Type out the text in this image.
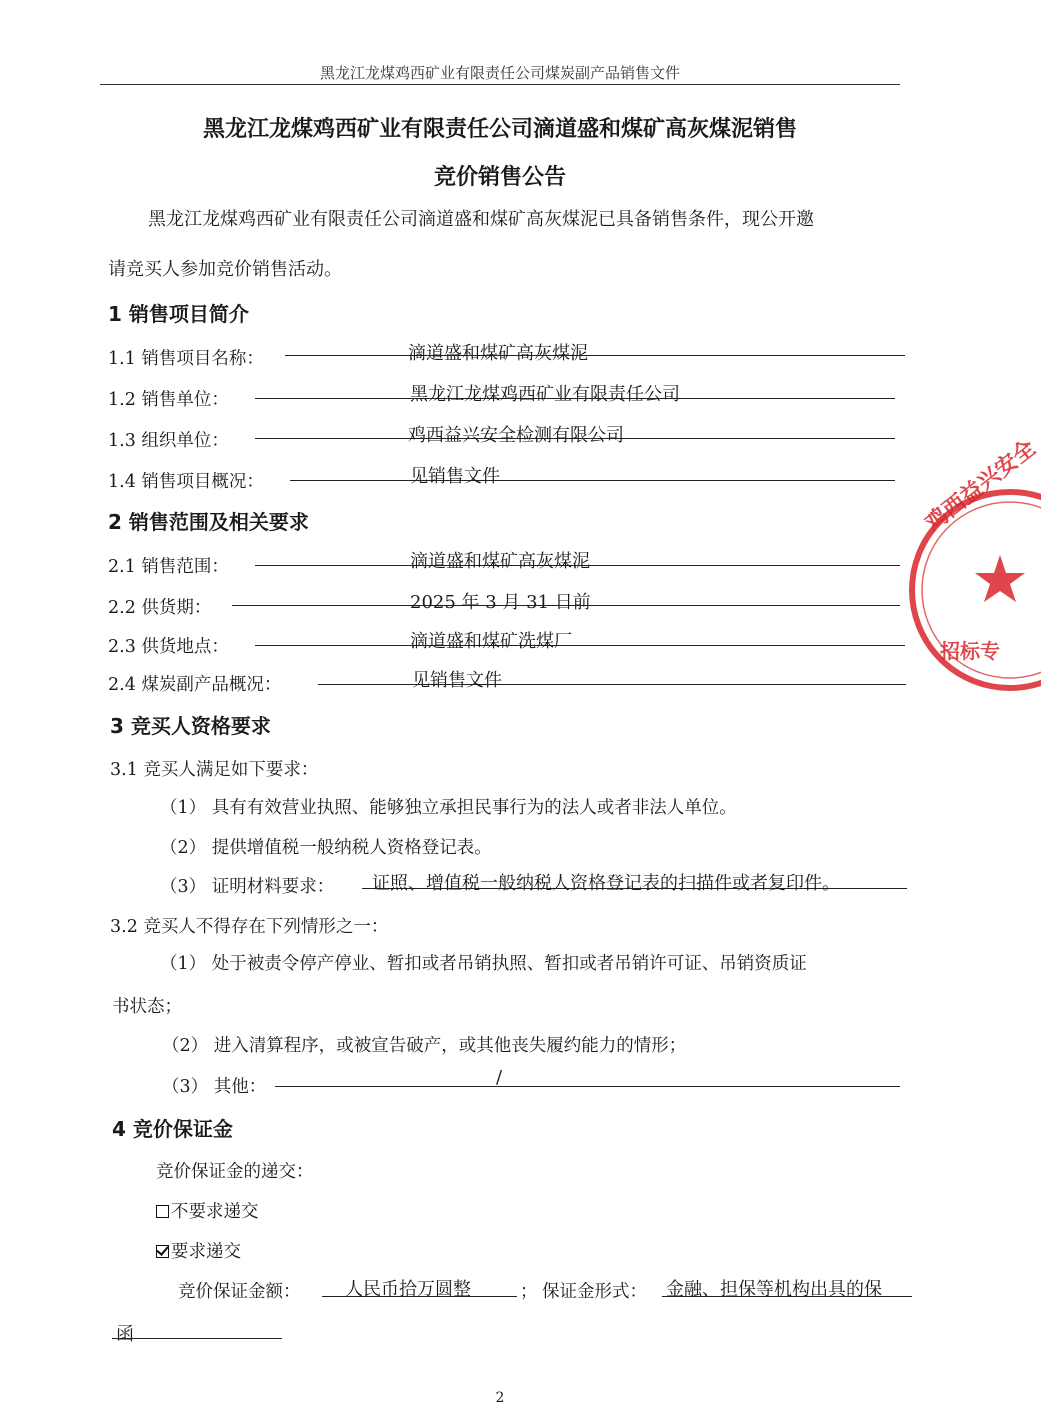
黑龙江龙煤鸡西矿业有限责任公司煤炭副产品销售文件
黑龙江龙煤鸡西矿业有限责任公司滴道盛和煤矿高灰煤泥销售
竞价销售公告
黑龙江龙煤鸡西矿业有限责任公司滴道盛和煤矿高灰煤泥已具备销售条件，现公开邀
请竞买人参加竞价销售活动。
1 销售项目简介
1.1 销售项目名称：	滴道盛和煤矿高灰煤泥
1.2 销售单位：	黑龙江龙煤鸡西矿业有限责任公司
1.3 组织单位：	鸡西益兴安全检测有限公司
1.4 销售项目概况：	见销售文件
2 销售范围及相关要求
2.1 销售范围：	滴道盛和煤矿高灰煤泥
2.2 供货期：	2025 年 3 月 31 日前
2.3 供货地点：	滴道盛和煤矿洗煤厂
2.4 煤炭副产品概况：	见销售文件
3 竞买人资格要求
3.1 竞买人满足如下要求：
（1） 具有有效营业执照、能够独立承担民事行为的法人或者非法人单位。
（2） 提供增值税一般纳税人资格登记表。
（3） 证明材料要求： 证照、增值税一般纳税人资格登记表的扫描件或者复印件。
3.2 竞买人不得存在下列情形之一：
（1） 处于被责令停产停业、暂扣或者吊销执照、暂扣或者吊销许可证、吊销资质证
书状态；
（2） 进入清算程序，或被宣告破产，或其他丧失履约能力的情形；
（3） 其他：	/
4 竞价保证金
竞价保证金的递交：
不要求递交
要求递交
竞价保证金额： 人民币拾万圆整	； 保证金形式： 金融、担保等机构出具的保
函
鸡西益兴安全
招标专
2
